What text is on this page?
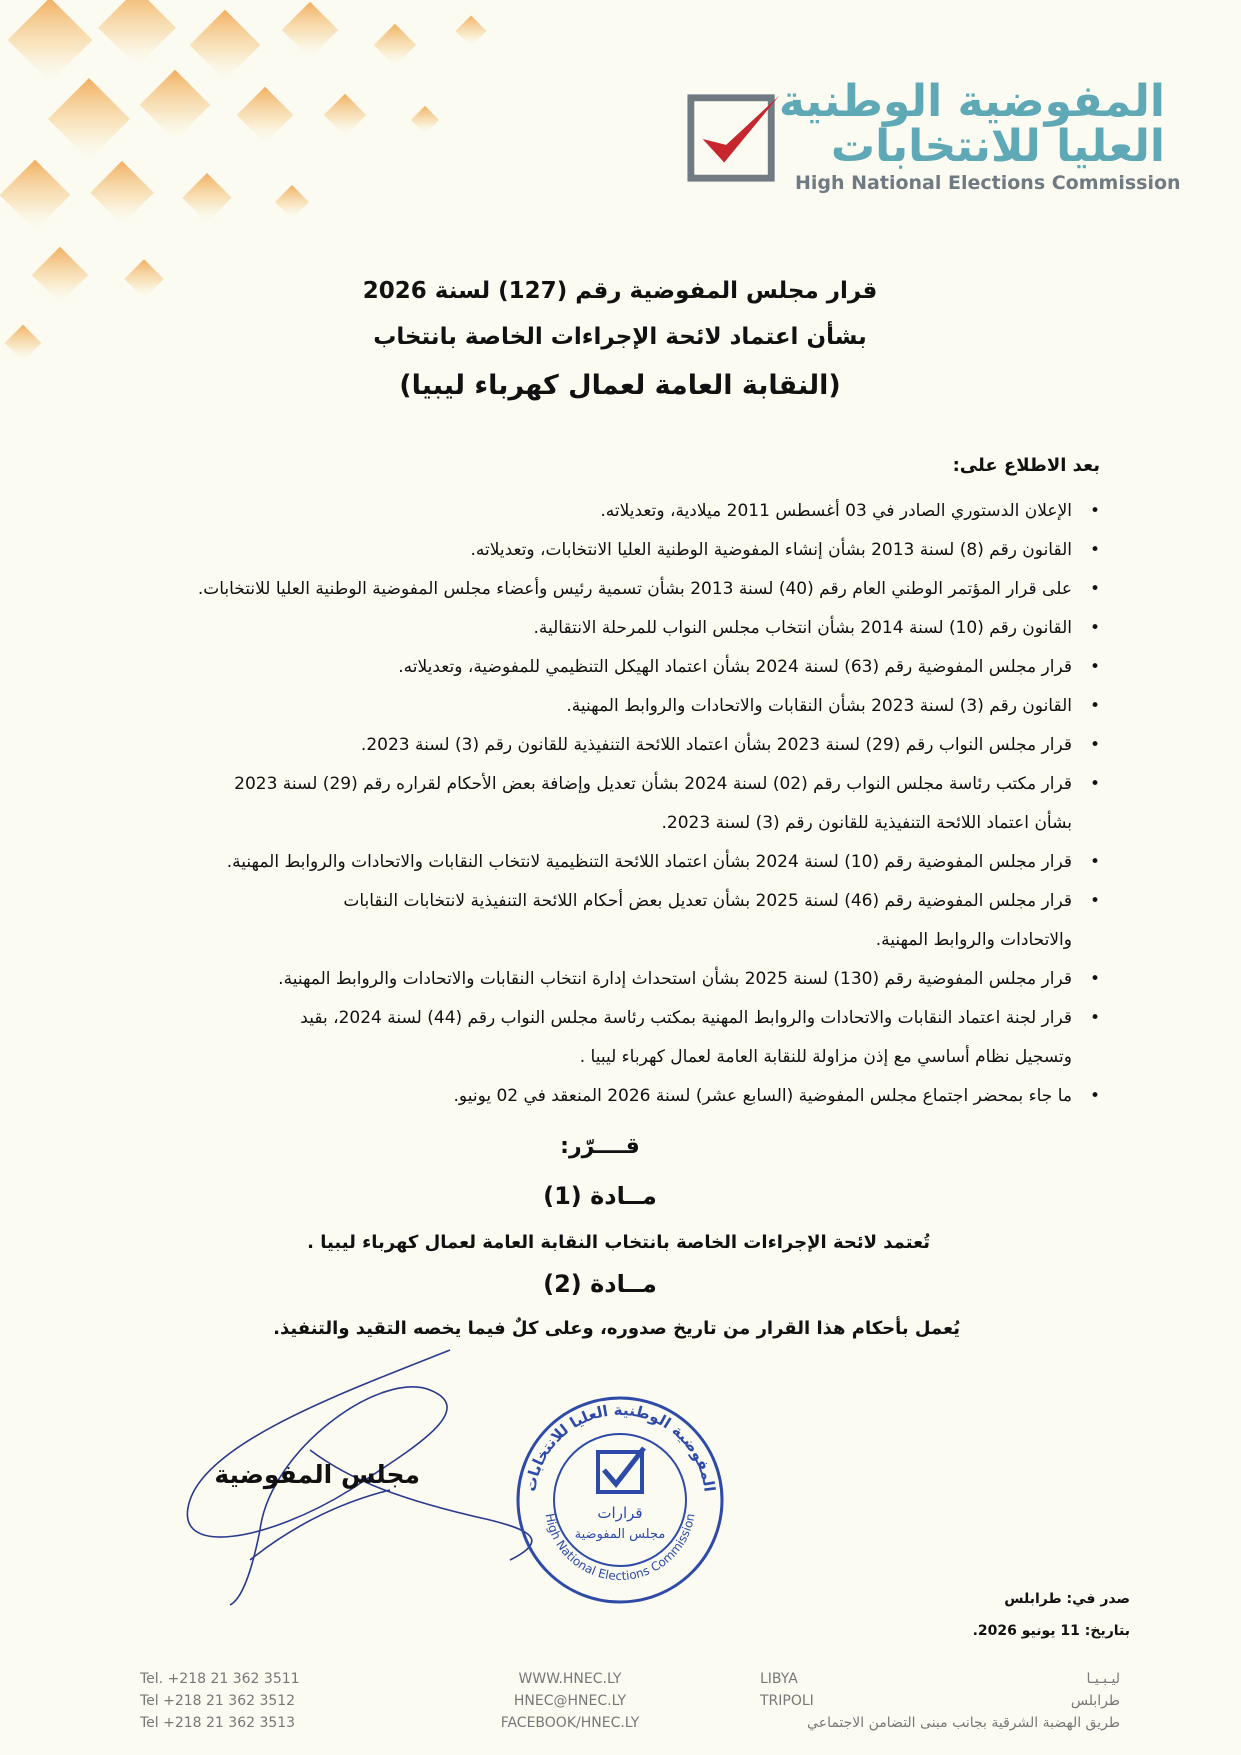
المفوضية الوطنية
العليا للانتخابات
High National Elections Commission
قرار مجلس المفوضية رقم (127) لسنة 2026
بشأن اعتماد لائحة الإجراءات الخاصة بانتخاب
(النقابة العامة لعمال كهرباء ليبيا)
بعد الاطلاع على:
•
الإعلان الدستوري الصادر في 03 أغسطس 2011 ميلادية، وتعديلاته.
•
القانون رقم (8) لسنة 2013 بشأن إنشاء المفوضية الوطنية العليا الانتخابات، وتعديلاته.
•
على قرار المؤتمر الوطني العام رقم (40) لسنة 2013 بشأن تسمية رئيس وأعضاء مجلس المفوضية الوطنية العليا للانتخابات.
•
القانون رقم (10) لسنة 2014 بشأن انتخاب مجلس النواب للمرحلة الانتقالية.
•
قرار مجلس المفوضية رقم (63) لسنة 2024 بشأن اعتماد الهيكل التنظيمي للمفوضية، وتعديلاته.
•
القانون رقم (3) لسنة 2023 بشأن النقابات والاتحادات والروابط المهنية.
•
قرار مجلس النواب رقم (29) لسنة 2023 بشأن اعتماد اللائحة التنفيذية للقانون رقم (3) لسنة 2023.
•
قرار مكتب رئاسة مجلس النواب رقم (02) لسنة 2024 بشأن تعديل وإضافة بعض الأحكام لقراره رقم (29) لسنة 2023
بشأن اعتماد اللائحة التنفيذية للقانون رقم (3) لسنة 2023.
•
قرار مجلس المفوضية رقم (10) لسنة 2024 بشأن اعتماد اللائحة التنظيمية لانتخاب النقابات والاتحادات والروابط المهنية.
•
قرار مجلس المفوضية رقم (46) لسنة 2025 بشأن تعديل بعض أحكام اللائحة التنفيذية لانتخابات النقابات
والاتحادات والروابط المهنية.
•
قرار مجلس المفوضية رقم (130) لسنة 2025 بشأن استحداث إدارة انتخاب النقابات والاتحادات والروابط المهنية.
•
قرار لجنة اعتماد النقابات والاتحادات والروابط المهنية بمكتب رئاسة مجلس النواب رقم (44) لسنة 2024، بقيد
وتسجيل نظام أساسي مع إذن مزاولة للنقابة العامة لعمال كهرباء ليبيا .
•
ما جاء بمحضر اجتماع مجلس المفوضية (السابع عشر) لسنة 2026 المنعقد في 02 يونيو.
قــــرّر:
مــادة (1)
تُعتمد لائحة الإجراءات الخاصة بانتخاب النقابة العامة لعمال كهرباء ليبيا .
مــادة (2)
يُعمل بأحكام هذا القرار من تاريخ صدوره، وعلى كلٌ فيما يخصه التقيد والتنفيذ.
مجلس المفوضية	المفوضية الوطنية العليا للانتخابات
High National Elections Commission
قرارات
مجلس المفوضية
صدر في: طرابلس
بتاريخ: 11 يونيو 2026.
Tel. +218 21 362 3511
Tel +218 21 362 3512
Tel +218 21 362 3513
WWW.HNEC.LY
HNEC@HNEC.LY
FACEBOOK/HNEC.LY
LIBYA	ليـبـيـا
TRIPOLI	طرابلس
طريق الهضبة الشرقية بجانب مبنى التضامن الاجتماعي
